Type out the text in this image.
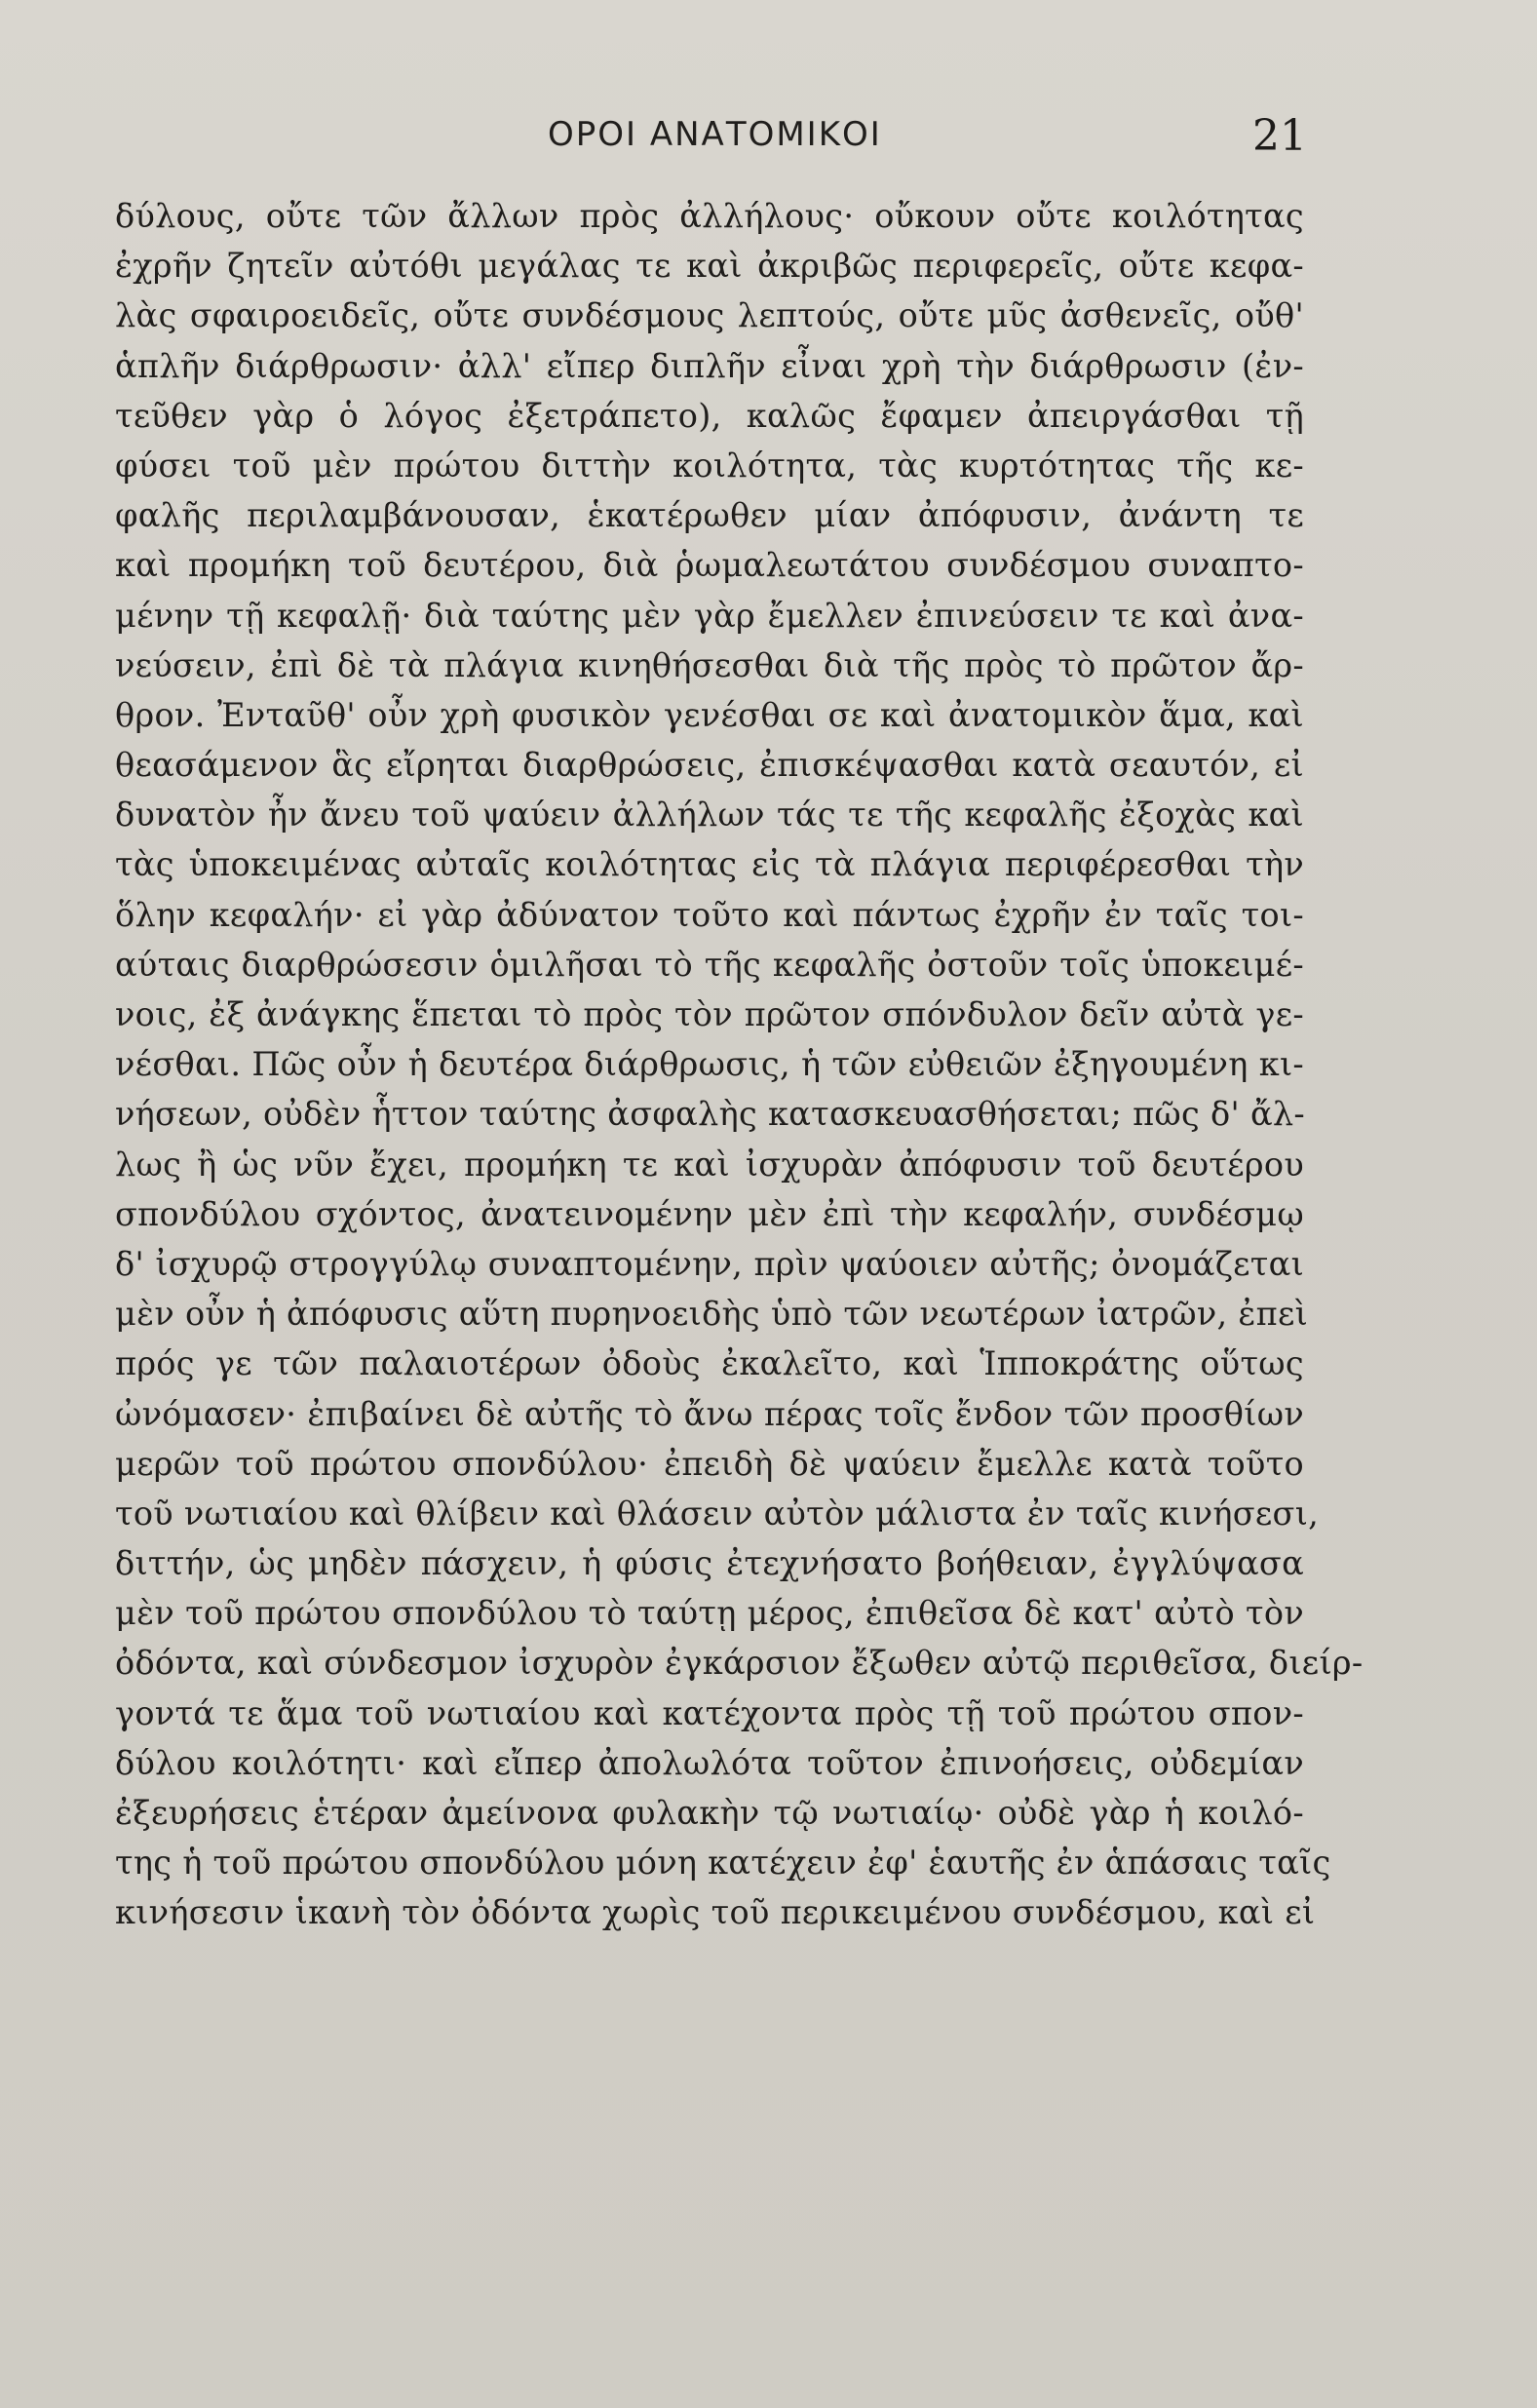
ΟΡΟΙ ΑΝΑΤΟΜΙΚΟΙ	21
δύλους, οὔτε τῶν ἄλλων πρὸς ἀλλήλους· οὔκουν οὔτε κοιλότητας
ἐχρῆν ζητεῖν αὐτόθι μεγάλας τε καὶ ἀκριβῶς περιφερεῖς, οὔτε κεφα-
λὰς σφαιροειδεῖς, οὔτε συνδέσμους λεπτούς, οὔτε μῦς ἀσθενεῖς, οὔθ'
ἁπλῆν διάρθρωσιν· ἀλλ' εἴπερ διπλῆν εἶναι χρὴ τὴν διάρθρωσιν (ἐν-
τεῦθεν γὰρ ὁ λόγος ἐξετράπετο), καλῶς ἔφαμεν ἀπειργάσθαι τῇ
φύσει τοῦ μὲν πρώτου διττὴν κοιλότητα, τὰς κυρτότητας τῆς κε-
φαλῆς περιλαμβάνουσαν, ἑκατέρωθεν μίαν ἀπόφυσιν, ἀνάντη τε
καὶ προμήκη τοῦ δευτέρου, διὰ ῥωμαλεωτάτου συνδέσμου συναπτο-
μένην τῇ κεφαλῇ· διὰ ταύτης μὲν γὰρ ἔμελλεν ἐπινεύσειν τε καὶ ἀνα-
νεύσειν, ἐπὶ δὲ τὰ πλάγια κινηθήσεσθαι διὰ τῆς πρὸς τὸ πρῶτον ἄρ-
θρον. Ἐνταῦθ' οὖν χρὴ φυσικὸν γενέσθαι σε καὶ ἀνατομικὸν ἅμα, καὶ
θεασάμενον ἃς εἴρηται διαρθρώσεις, ἐπισκέψασθαι κατὰ σεαυτόν, εἰ
δυνατὸν ἦν ἄνευ τοῦ ψαύειν ἀλλήλων τάς τε τῆς κεφαλῆς ἐξοχὰς καὶ
τὰς ὑποκειμένας αὐταῖς κοιλότητας εἰς τὰ πλάγια περιφέρεσθαι τὴν
ὅλην κεφαλήν· εἰ γὰρ ἀδύνατον τοῦτο καὶ πάντως ἐχρῆν ἐν ταῖς τοι-
αύταις διαρθρώσεσιν ὁμιλῆσαι τὸ τῆς κεφαλῆς ὀστοῦν τοῖς ὑποκειμέ-
νοις, ἐξ ἀνάγκης ἕπεται τὸ πρὸς τὸν πρῶτον σπόνδυλον δεῖν αὐτὰ γε-
νέσθαι. Πῶς οὖν ἡ δευτέρα διάρθρωσις, ἡ τῶν εὐθειῶν ἐξηγουμένη κι-
νήσεων, οὐδὲν ἧττον ταύτης ἀσφαλὴς κατασκευασθήσεται; πῶς δ' ἄλ-
λως ἢ ὡς νῦν ἔχει, προμήκη τε καὶ ἰσχυρὰν ἀπόφυσιν τοῦ δευτέρου
σπονδύλου σχόντος, ἀνατεινομένην μὲν ἐπὶ τὴν κεφαλήν, συνδέσμῳ
δ' ἰσχυρῷ στρογγύλῳ συναπτομένην, πρὶν ψαύοιεν αὐτῆς; ὀνομάζεται
μὲν οὖν ἡ ἀπόφυσις αὕτη πυρηνοειδὴς ὑπὸ τῶν νεωτέρων ἰατρῶν, ἐπεὶ
πρός γε τῶν παλαιοτέρων ὀδοὺς ἐκαλεῖτο, καὶ Ἱπποκράτης οὕτως
ὠνόμασεν· ἐπιβαίνει δὲ αὐτῆς τὸ ἄνω πέρας τοῖς ἔνδον τῶν προσθίων
μερῶν τοῦ πρώτου σπονδύλου· ἐπειδὴ δὲ ψαύειν ἔμελλε κατὰ τοῦτο
τοῦ νωτιαίου καὶ θλίβειν καὶ θλάσειν αὐτὸν μάλιστα ἐν ταῖς κινήσεσι,
διττήν, ὡς μηδὲν πάσχειν, ἡ φύσις ἐτεχνήσατο βοήθειαν, ἐγγλύψασα
μὲν τοῦ πρώτου σπονδύλου τὸ ταύτῃ μέρος, ἐπιθεῖσα δὲ κατ' αὐτὸ τὸν
ὀδόντα, καὶ σύνδεσμον ἰσχυρὸν ἐγκάρσιον ἔξωθεν αὐτῷ περιθεῖσα, διείρ-
γοντά τε ἅμα τοῦ νωτιαίου καὶ κατέχοντα πρὸς τῇ τοῦ πρώτου σπον-
δύλου κοιλότητι· καὶ εἴπερ ἀπολωλότα τοῦτον ἐπινοήσεις, οὐδεμίαν
ἐξευρήσεις ἑτέραν ἀμείνονα φυλακὴν τῷ νωτιαίῳ· οὐδὲ γὰρ ἡ κοιλό-
της ἡ τοῦ πρώτου σπονδύλου μόνη κατέχειν ἐφ' ἑαυτῆς ἐν ἁπάσαις ταῖς
κινήσεσιν ἱκανὴ τὸν ὀδόντα χωρὶς τοῦ περικειμένου συνδέσμου, καὶ εἰ
